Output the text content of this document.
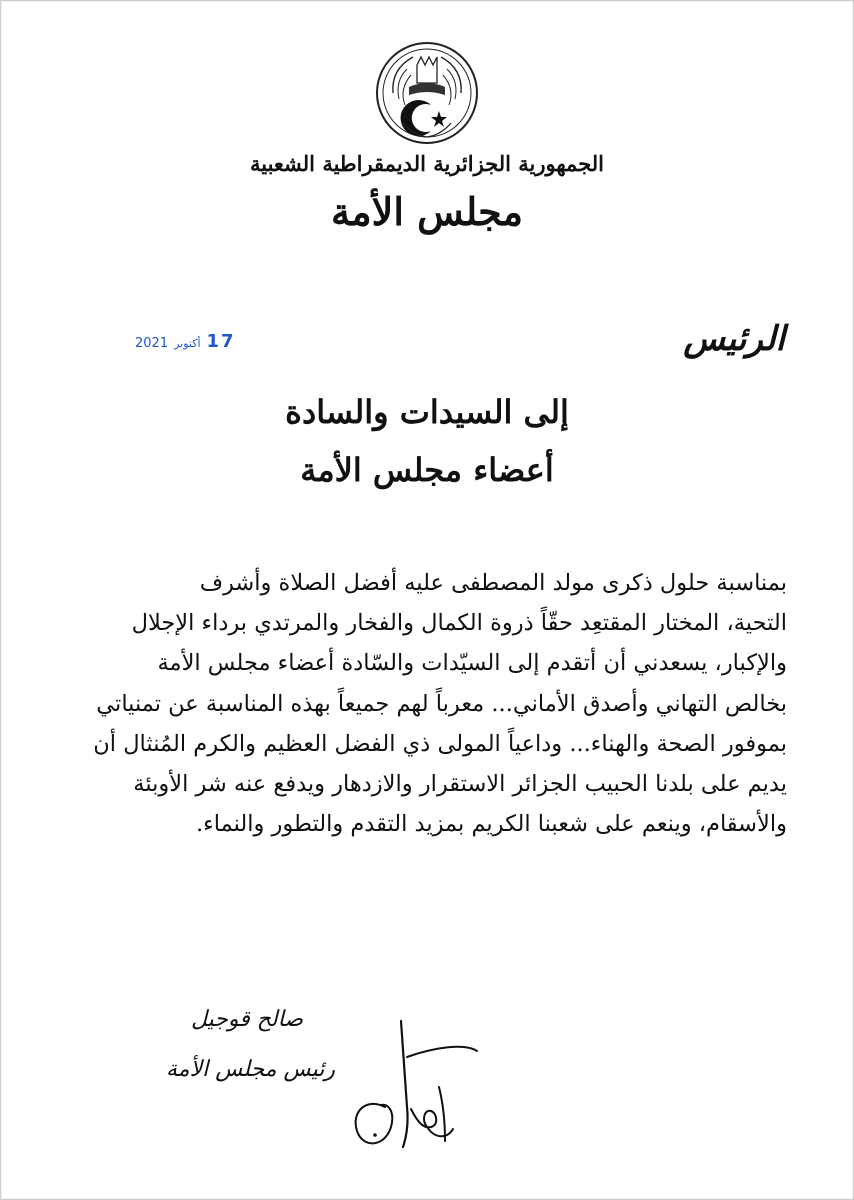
الجمهورية الجزائرية الديمقراطية الشعبية
مجلس الأمة
الرئيس
2021 أكتوبر 17
إلى السيدات والسادة
أعضاء مجلس الأمة
بمناسبة حلول ذكرى مولد المصطفى عليه أفضل الصلاة وأشرف
التحية، المختار المقتعِد حقّاً ذروة الكمال والفخار والمرتدي برداء الإجلال
والإكبار، يسعدني أن أتقدم إلى السيّدات والسّادة أعضاء مجلس الأمة
بخالص التهاني وأصدق الأماني... معرباً لهم جميعاً بهذه المناسبة عن تمنياتي
بموفور الصحة والهناء... وداعياً المولى ذي الفضل العظيم والكرم المُنثال أن
يديم على بلدنا الحبيب الجزائر الاستقرار والازدهار ويدفع عنه شر الأوبئة
والأسقام، وينعم على شعبنا الكريم بمزيد التقدم والتطور والنماء.
صالح قوجيل
رئيس مجلس الأمة
